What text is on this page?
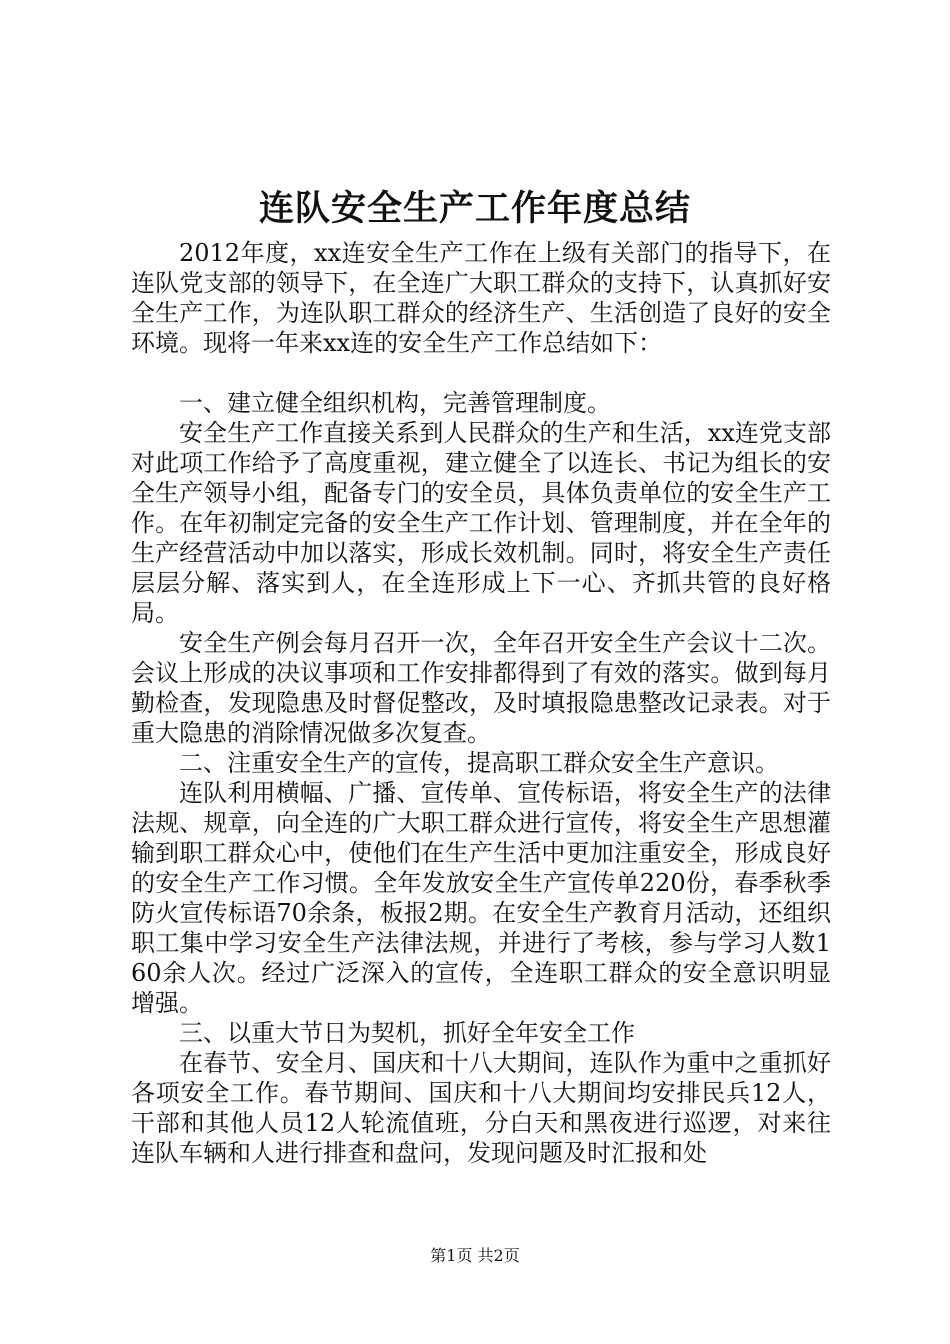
连队安全生产工作年度总结

2012年度，xx连安全生产工作在上级有关部门的指导下，在连队党支部的领导下，在全连广大职工群众的支持下，认真抓好安全生产工作，为连队职工群众的经济生产、生活创造了良好的安全环境。现将一年来xx连的安全生产工作总结如下：

一、建立健全组织机构，完善管理制度。

安全生产工作直接关系到人民群众的生产和生活，xx连党支部对此项工作给予了高度重视，建立健全了以连长、书记为组长的安全生产领导小组，配备专门的安全员，具体负责单位的安全生产工作。在年初制定完备的安全生产工作计划、管理制度，并在全年的生产经营活动中加以落实，形成长效机制。同时，将安全生产责任层层分解、落实到人，在全连形成上下一心、齐抓共管的良好格局。

安全生产例会每月召开一次，全年召开安全生产会议十二次。会议上形成的决议事项和工作安排都得到了有效的落实。做到每月勤检查，发现隐患及时督促整改，及时填报隐患整改记录表。对于重大隐患的消除情况做多次复查。

二、注重安全生产的宣传，提高职工群众安全生产意识。

连队利用横幅、广播、宣传单、宣传标语，将安全生产的法律法规、规章，向全连的广大职工群众进行宣传，将安全生产思想灌输到职工群众心中，使他们在生产生活中更加注重安全，形成良好的安全生产工作习惯。全年发放安全生产宣传单220份，春季秋季防火宣传标语70余条，板报2期。在安全生产教育月活动，还组织职工集中学习安全生产法律法规，并进行了考核，参与学习人数160余人次。经过广泛深入的宣传，全连职工群众的安全意识明显增强。

三、以重大节日为契机，抓好全年安全工作

在春节、安全月、国庆和十八大期间，连队作为重中之重抓好各项安全工作。春节期间、国庆和十八大期间均安排民兵12人，干部和其他人员12人轮流值班，分白天和黑夜进行巡逻，对来往连队车辆和人进行排查和盘问，发现问题及时汇报和处

第1页 共2页
